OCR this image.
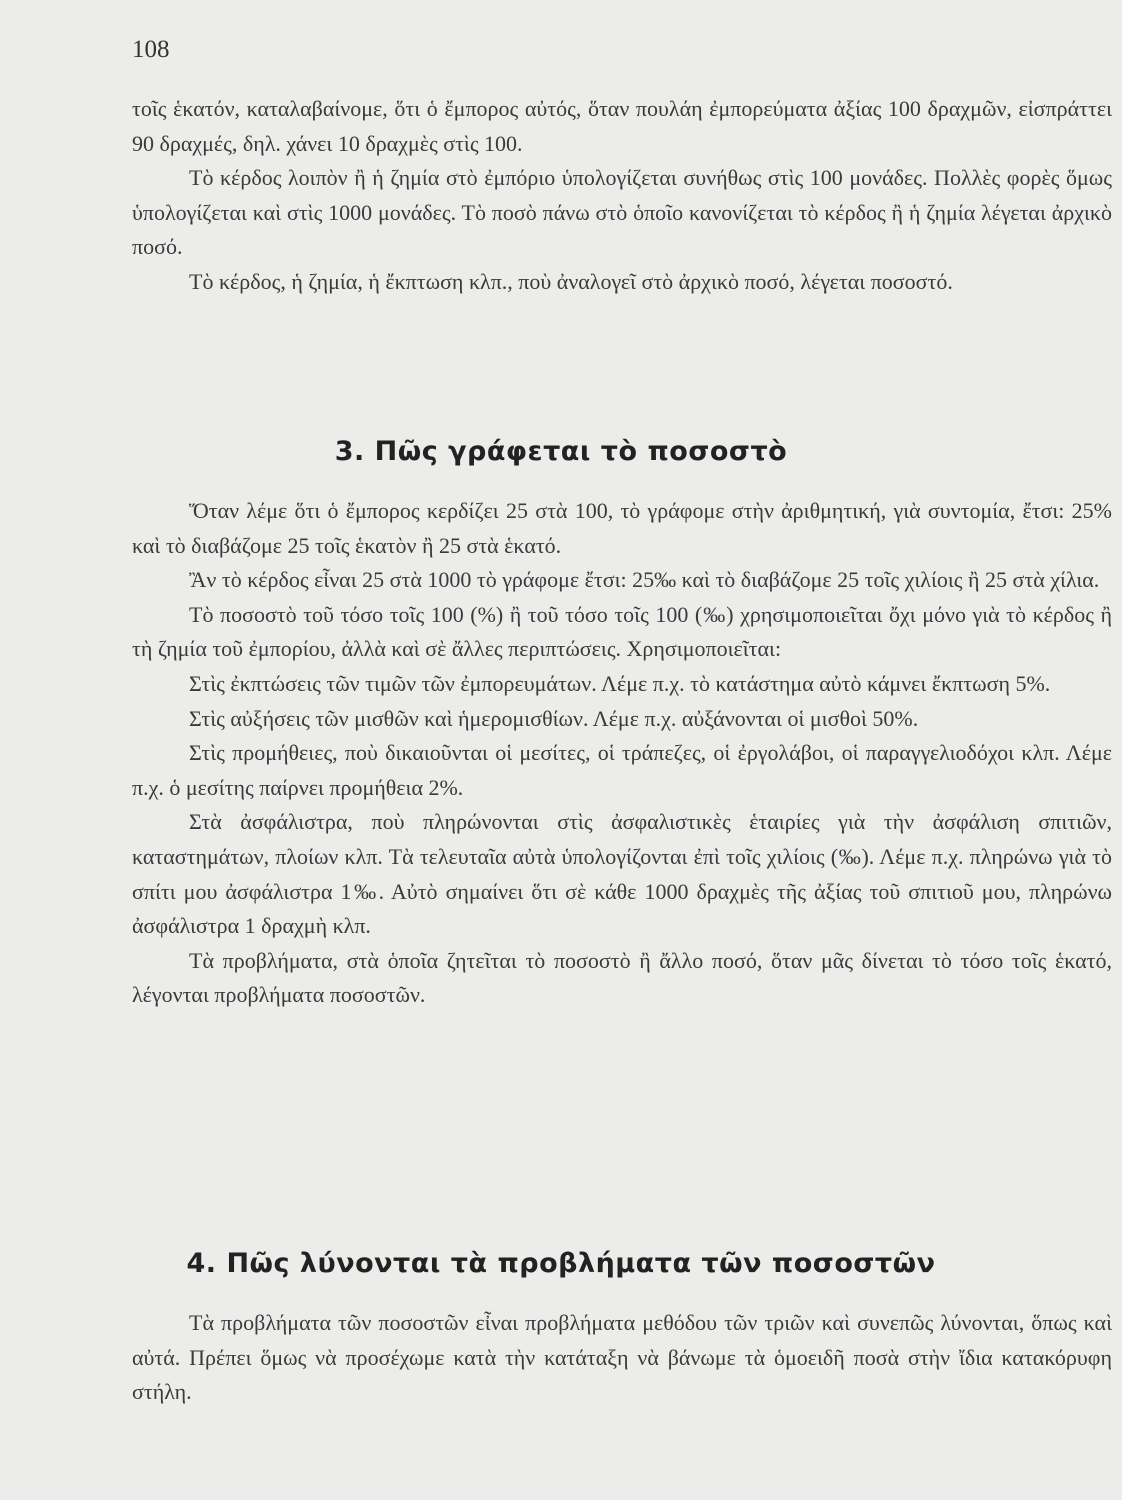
108

τοῖς ἑκατόν, καταλαβαίνομε, ὅτι ὁ ἔμπορος αὐτός, ὅταν πουλάη ἐμπορεύματα ἀξίας 100 δραχμῶν, εἰσπράττει 90 δραχμές, δηλ. χάνει 10 δραχμὲς στὶς 100.

Τὸ κέρδος λοιπὸν ἢ ἡ ζημία στὸ ἐμπόριο ὑπολογίζεται συνήθως στὶς 100 μονάδες. Πολλὲς φορὲς ὅμως ὑπολογίζεται καὶ στὶς 1000 μονάδες. Τὸ ποσὸ πάνω στὸ ὁποῖο κανονίζεται τὸ κέρδος ἢ ἡ ζημία λέγεται ἀρχικὸ ποσό.

Τὸ κέρδος, ἡ ζημία, ἡ ἔκπτωση κλπ., ποὺ ἀναλογεῖ στὸ ἀρχικὸ ποσό, λέγεται ποσοστό.

3. Πῶς γράφεται τὸ ποσοστὸ

Ὅταν λέμε ὅτι ὁ ἔμπορος κερδίζει 25 στὰ 100, τὸ γράφομε στὴν ἀριθμητική, γιὰ συντομία, ἔτσι: 25% καὶ τὸ διαβάζομε 25 τοῖς ἑκατὸν ἢ 25 στὰ ἑκατό.

Ἂν τὸ κέρδος εἶναι 25 στὰ 1000 τὸ γράφομε ἔτσι: 25‰ καὶ τὸ διαβάζομε 25 τοῖς χιλίοις ἢ 25 στὰ χίλια.

Τὸ ποσοστὸ τοῦ τόσο τοῖς 100 (%) ἢ τοῦ τόσο τοῖς 100 (‰) χρησιμοποιεῖται ὄχι μόνο γιὰ τὸ κέρδος ἢ τὴ ζημία τοῦ ἐμπορίου, ἀλλὰ καὶ σὲ ἄλλες περιπτώσεις. Χρησιμοποιεῖται:

Στὶς ἐκπτώσεις τῶν τιμῶν τῶν ἐμπορευμάτων. Λέμε π.χ. τὸ κατάστημα αὐτὸ κάμνει ἔκπτωση 5%.

Στὶς αὐξήσεις τῶν μισθῶν καὶ ἡμερομισθίων. Λέμε π.χ. αὐξάνονται οἱ μισθοὶ 50%.

Στὶς προμήθειες, ποὺ δικαιοῦνται οἱ μεσίτες, οἱ τράπεζες, οἱ ἐργολάβοι, οἱ παραγγελιοδόχοι κλπ. Λέμε π.χ. ὁ μεσίτης παίρνει προμήθεια 2%.

Στὰ ἀσφάλιστρα, ποὺ πληρώνονται στὶς ἀσφαλιστικὲς ἑταιρίες γιὰ τὴν ἀσφάλιση σπιτιῶν, καταστημάτων, πλοίων κλπ. Τὰ τελευταῖα αὐτὰ ὑπολογίζονται ἐπὶ τοῖς χιλίοις (‰). Λέμε π.χ. πληρώνω γιὰ τὸ σπίτι μου ἀσφάλιστρα 1‰. Αὐτὸ σημαίνει ὅτι σὲ κάθε 1000 δραχμὲς τῆς ἀξίας τοῦ σπιτιοῦ μου, πληρώνω ἀσφάλιστρα 1 δραχμὴ κλπ.

Τὰ προβλήματα, στὰ ὁποῖα ζητεῖται τὸ ποσοστὸ ἢ ἄλλο ποσό, ὅταν μᾶς δίνεται τὸ τόσο τοῖς ἑκατό, λέγονται προβλήματα ποσοστῶν.

4. Πῶς λύνονται τὰ προβλήματα τῶν ποσοστῶν

Τὰ προβλήματα τῶν ποσοστῶν εἶναι προβλήματα μεθόδου τῶν τριῶν καὶ συνεπῶς λύνονται, ὅπως καὶ αὐτά. Πρέπει ὅμως νὰ προσέχωμε κατὰ τὴν κατάταξη νὰ βάνωμε τὰ ὁμοειδῆ ποσὰ στὴν ἴδια κατακόρυφη στήλη.
